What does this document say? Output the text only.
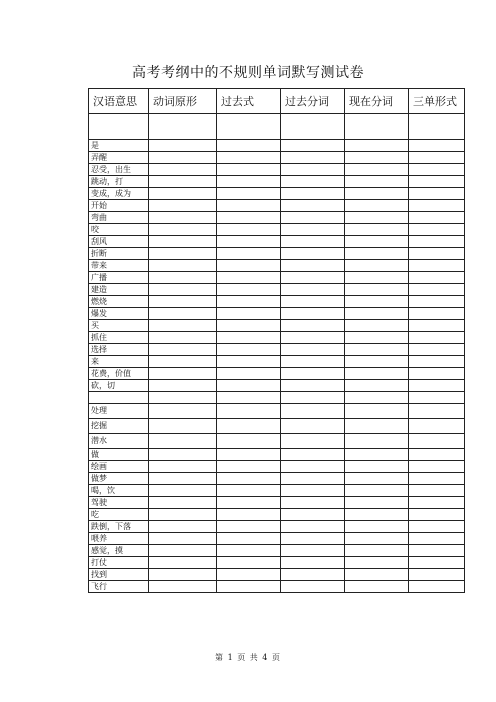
高考考纲中的不规则单词默写测试卷
汉语意思	动词原形	过去式	过去分词	现在分词	三单形式

是					
弄醒					
忍受，出生					
跳动，打					
变成，成为					
开始					
弯曲					
咬					
刮风					
折断					
带来					
广播					
建造					
燃烧					
爆发					
买					
抓住					
选择					
来					
花费，价值					
砍，切					

处理					
挖掘					
潜水					
做					
绘画					
做梦					
喝，饮					
驾驶					
吃					
跌倒，下落					
喂养					
感觉，摸					
打仗					
找到					
飞行					
第 1 页 共 4 页
